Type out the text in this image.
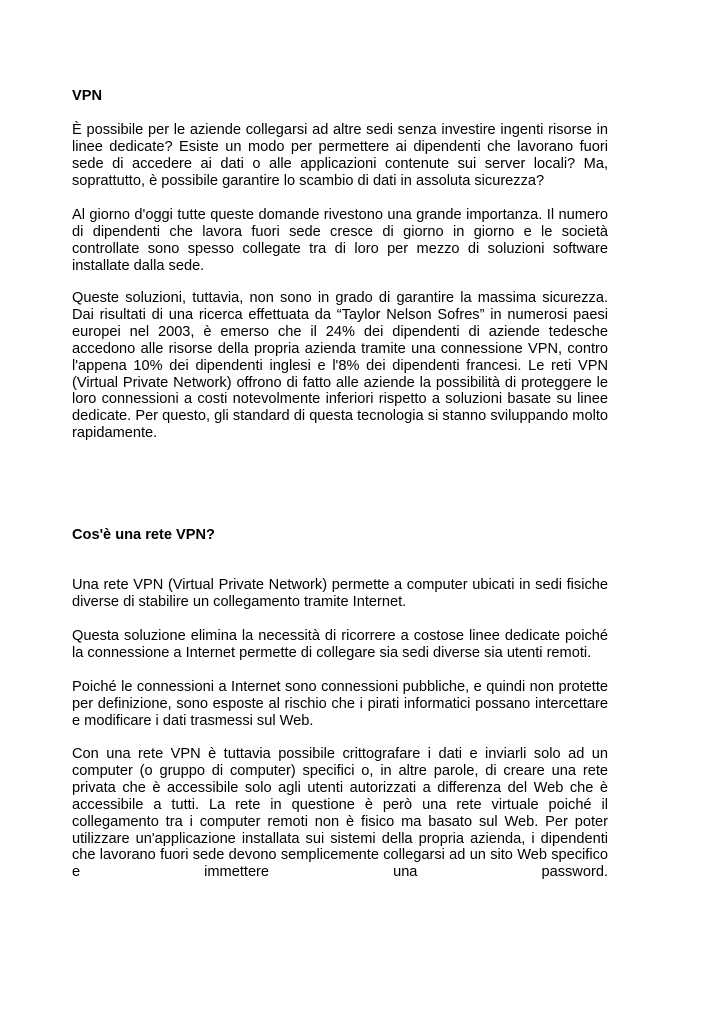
VPN

È possibile per le aziende collegarsi ad altre sedi senza investire ingenti risorse in linee dedicate? Esiste un modo per permettere ai dipendenti che lavorano fuori sede di accedere ai dati o alle applicazioni contenute sui server locali? Ma, soprattutto, è possibile garantire lo scambio di dati in assoluta sicurezza?

Al giorno d'oggi tutte queste domande rivestono una grande importanza. Il numero di dipendenti che lavora fuori sede cresce di giorno in giorno e le società controllate sono spesso collegate tra di loro per mezzo di soluzioni software installate dalla sede.

Queste soluzioni, tuttavia, non sono in grado di garantire la massima sicurezza. Dai risultati di una ricerca effettuata da “Taylor Nelson Sofres” in numerosi paesi europei nel 2003, è emerso che il 24% dei dipendenti di aziende tedesche accedono alle risorse della propria azienda tramite una connessione VPN, contro l'appena 10% dei dipendenti inglesi e l'8% dei dipendenti francesi. Le reti VPN (Virtual Private Network) offrono di fatto alle aziende la possibilità di proteggere le loro connessioni a costi notevolmente inferiori rispetto a soluzioni basate su linee dedicate. Per questo, gli standard di questa tecnologia si stanno sviluppando molto rapidamente.

Cos'è una rete VPN?

Una rete VPN (Virtual Private Network) permette a computer ubicati in sedi fisiche diverse di stabilire un collegamento tramite Internet.

Questa soluzione elimina la necessità di ricorrere a costose linee dedicate poiché la connessione a Internet permette di collegare sia sedi diverse sia utenti remoti.

Poiché le connessioni a Internet sono connessioni pubbliche, e quindi non protette per definizione, sono esposte al rischio che i pirati informatici possano intercettare e modificare i dati trasmessi sul Web.

Con una rete VPN è tuttavia possibile crittografare i dati e inviarli solo ad un computer (o gruppo di computer) specifici o, in altre parole, di creare una rete privata che è accessibile solo agli utenti autorizzati a differenza del Web che è accessibile a tutti. La rete in questione è però una rete virtuale poiché il collegamento tra i computer remoti non è fisico ma basato sul Web. Per poter utilizzare un'applicazione installata sui sistemi della propria azienda, i dipendenti che lavorano fuori sede devono semplicemente collegarsi ad un sito Web specifico e immettere una password.
